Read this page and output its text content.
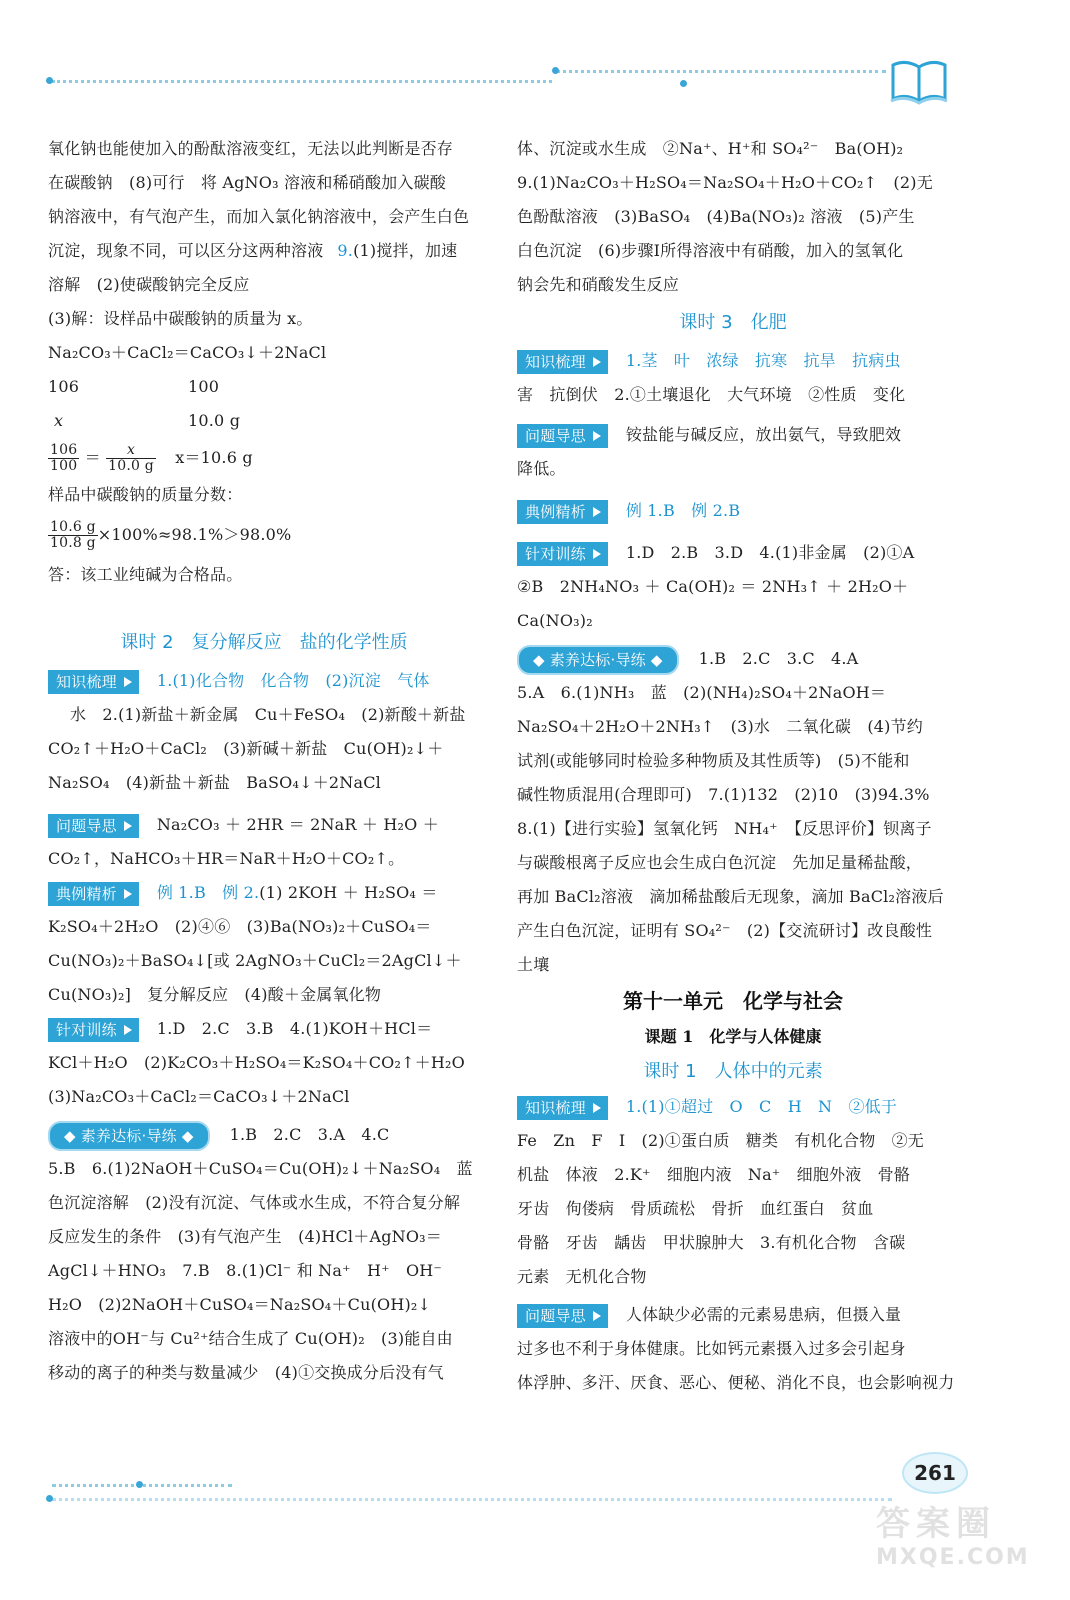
氧化钠也能使加入的酚酞溶液变红，无法以此判断是否存
在碳酸钠　(8)可行　将 AgNO₃ 溶液和稀硝酸加入碳酸
钠溶液中，有气泡产生，而加入氯化钠溶液中，会产生白色
沉淀，现象不同，可以区分这两种溶液 9.(1)搅拌，加速
溶解　(2)使碳酸钠完全反应
(3)解：设样品中碳酸钠的质量为 x。
Na₂CO₃＋CaCl₂＝CaCO₃↓＋2NaCl
106	100
x	10.0 g
$\frac{106}{100} = \frac{x}{10.0 g} x=10.6$ g
样品中碳酸钠的质量分数：
$\frac{10.6 g}{10.8 g} \times 100\%\approx 98.1\%>98.0\%$
答：该工业纯碱为合格品。
课时 2　复分解反应　盐的化学性质
知识梳理	1.(1)化合物　化合物　(2)沉淀　气体
水　2.(1)新盐＋新金属　Cu＋FeSO₄　(2)新酸＋新盐
CO₂↑＋H₂O＋CaCl₂　(3)新碱＋新盐　Cu(OH)₂↓＋
Na₂SO₄　(4)新盐＋新盐　BaSO₄↓＋2NaCl
问题导思	Na₂CO₃ ＋ 2HR ＝ 2NaR ＋ H₂O ＋
CO₂↑，NaHCO₃＋HR＝NaR＋H₂O＋CO₂↑。
典例精析	例 1.B　例 2.(1) 2KOH ＋ H₂SO₄ ＝
K₂SO₄＋2H₂O　(2)④⑥　(3)Ba(NO₃)₂＋CuSO₄＝
Cu(NO₃)₂＋BaSO₄↓[或 2AgNO₃＋CuCl₂＝2AgCl↓＋
Cu(NO₃)₂]　复分解反应　(4)酸＋金属氧化物
针对训练	1.D　2.C　3.B　4.(1)KOH＋HCl＝
KCl＋H₂O　(2)K₂CO₃＋H₂SO₄＝K₂SO₄＋CO₂↑＋H₂O
(3)Na₂CO₃＋CaCl₂＝CaCO₃↓＋2NaCl
◆ 素养达标·导练 ◆ 1.B　2.C　3.A　4.C
5.B　6.(1)2NaOH＋CuSO₄＝Cu(OH)₂↓＋Na₂SO₄　蓝
色沉淀溶解　(2)没有沉淀、气体或水生成，不符合复分解
反应发生的条件　(3)有气泡产生　(4)HCl＋AgNO₃＝
AgCl↓＋HNO₃　7.B　8.(1)Cl⁻ 和 Na⁺　H⁺　OH⁻
H₂O　(2)2NaOH＋CuSO₄＝Na₂SO₄＋Cu(OH)₂↓
溶液中的OH⁻与 Cu²⁺结合生成了 Cu(OH)₂　(3)能自由
移动的离子的种类与数量减少　(4)①交换成分后没有气
体、沉淀或水生成　②Na⁺、H⁺和 SO₄²⁻　Ba(OH)₂
9.(1)Na₂CO₃＋H₂SO₄＝Na₂SO₄＋H₂O＋CO₂↑　(2)无
色酚酞溶液　(3)BaSO₄　(4)Ba(NO₃)₂ 溶液　(5)产生
白色沉淀　(6)步骤Ⅰ所得溶液中有硝酸，加入的氢氧化
钠会先和硝酸发生反应
课时 3　化肥
知识梳理	1.茎　叶　浓绿　抗寒　抗旱　抗病虫
害　抗倒伏　2.①土壤退化　大气环境　②性质　变化
问题导思	铵盐能与碱反应，放出氨气，导致肥效
降低。
典例精析	例 1.B　例 2.B
针对训练	1.D　2.B　3.D　4.(1)非金属　(2)①A
②B　2NH₄NO₃ ＋ Ca(OH)₂ ＝ 2NH₃↑ ＋ 2H₂O＋
Ca(NO₃)₂
◆ 素养达标·导练 ◆ 1.B　2.C　3.C　4.A
5.A　6.(1)NH₃　蓝　(2)(NH₄)₂SO₄＋2NaOH＝
Na₂SO₄＋2H₂O＋2NH₃↑　(3)水　二氧化碳　(4)节约
试剂(或能够同时检验多种物质及其性质等)　(5)不能和
碱性物质混用(合理即可)　7.(1)132　(2)10　(3)94.3%
8.(1)【进行实验】氢氧化钙　NH₄⁺　【反思评价】钡离子
与碳酸根离子反应也会生成白色沉淀　先加足量稀盐酸，
再加 BaCl₂溶液　滴加稀盐酸后无现象，滴加 BaCl₂溶液后
产生白色沉淀，证明有 SO₄²⁻　(2)【交流研讨】改良酸性
土壤
第十一单元　化学与社会
课题 1　化学与人体健康
课时 1　人体中的元素
知识梳理	1.(1)①超过　O　C　H　N　②低于
Fe　Zn　F　I　(2)①蛋白质　糖类　有机化合物　②无
机盐　体液　2.K⁺　细胞内液　Na⁺　细胞外液　骨骼
牙齿　佝偻病　骨质疏松　骨折　血红蛋白　贫血
骨骼　牙齿　龋齿　甲状腺肿大　3.有机化合物　含碳
元素　无机化合物
问题导思	人体缺少必需的元素易患病，但摄入量
过多也不利于身体健康。比如钙元素摄入过多会引起身
体浮肿、多汗、厌食、恶心、便秘、消化不良，也会影响视力
261
答案圈
MXQE.COM
